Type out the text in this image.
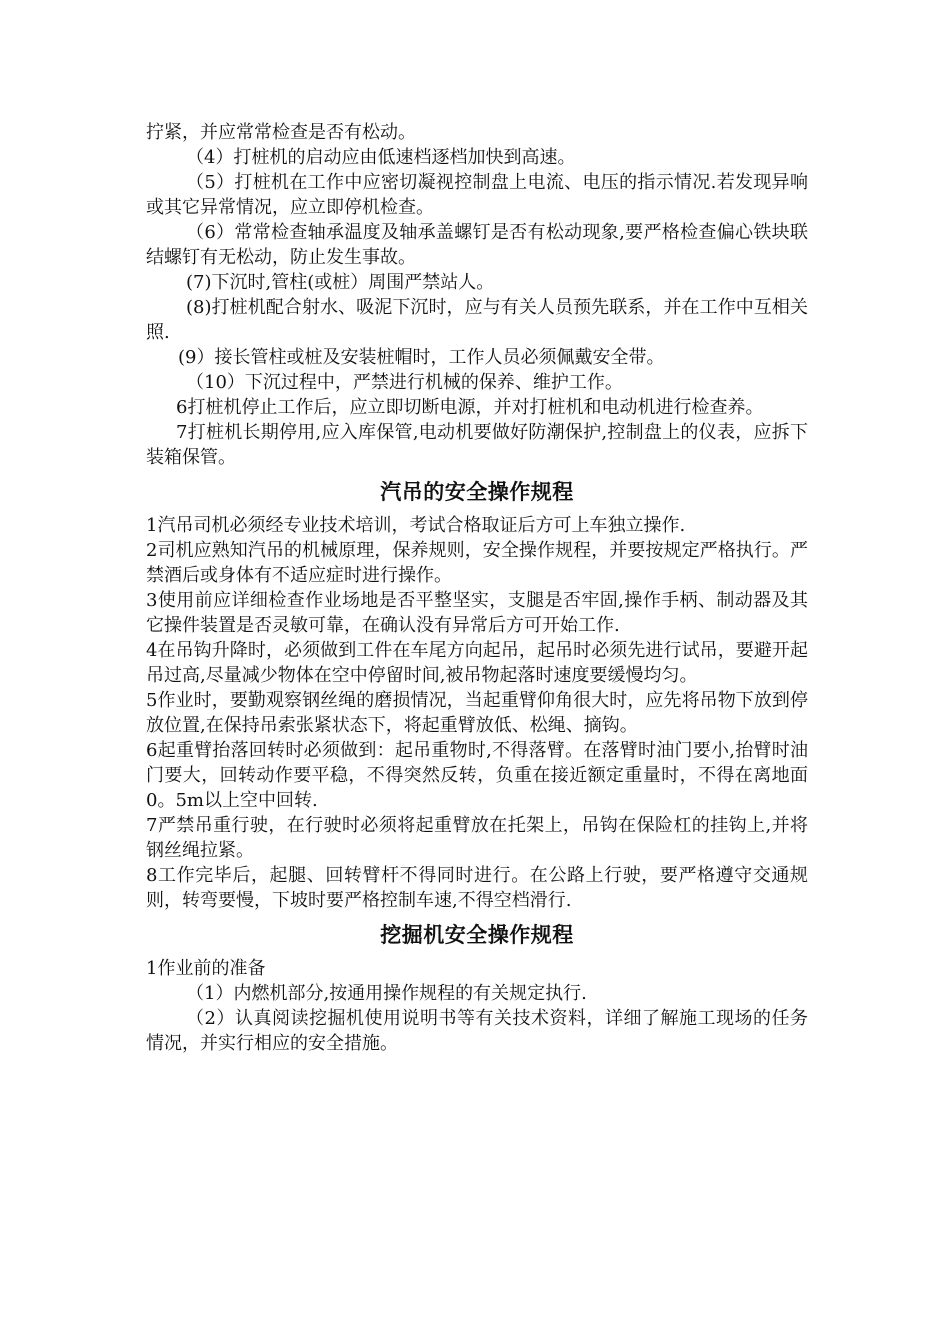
拧紧，并应常常检查是否有松动。

（4）打桩机的启动应由低速档逐档加快到高速。

（5）打桩机在工作中应密切凝视控制盘上电流、电压的指示情况.若发现异响或其它异常情况，应立即停机检查。

（6）常常检查轴承温度及轴承盖螺钉是否有松动现象,要严格检查偏心铁块联结螺钉有无松动，防止发生事故。

(7)下沉时,管柱(或桩）周围严禁站人。

(8)打桩机配合射水、吸泥下沉时，应与有关人员预先联系，并在工作中互相关照.

(9）接长管柱或桩及安装桩帽时，工作人员必须佩戴安全带。

（10）下沉过程中，严禁进行机械的保养、维护工作。

6打桩机停止工作后，应立即切断电源，并对打桩机和电动机进行检查养。

7打桩机长期停用,应入库保管,电动机要做好防潮保护,控制盘上的仪表，应拆下装箱保管。

汽吊的安全操作规程

1汽吊司机必须经专业技术培训，考试合格取证后方可上车独立操作.

2司机应熟知汽吊的机械原理，保养规则，安全操作规程，并要按规定严格执行。严禁酒后或身体有不适应症时进行操作。

3使用前应详细检查作业场地是否平整坚实，支腿是否牢固,操作手柄、制动器及其它操件装置是否灵敏可靠，在确认没有异常后方可开始工作.

4在吊钩升降时，必须做到工件在车尾方向起吊，起吊时必须先进行试吊，要避开起吊过高,尽量减少物体在空中停留时间,被吊物起落时速度要缓慢均匀。

5作业时，要勤观察钢丝绳的磨损情况，当起重臂仰角很大时，应先将吊物下放到停放位置,在保持吊索张紧状态下，将起重臂放低、松绳、摘钩。

6起重臂抬落回转时必须做到：起吊重物时,不得落臂。在落臂时油门要小,抬臂时油门要大，回转动作要平稳，不得突然反转，负重在接近额定重量时，不得在离地面0。5m以上空中回转.

7严禁吊重行驶，在行驶时必须将起重臂放在托架上，吊钩在保险杠的挂钩上,并将钢丝绳拉紧。

8工作完毕后，起腿、回转臂杆不得同时进行。在公路上行驶，要严格遵守交通规则，转弯要慢，下坡时要严格控制车速,不得空档滑行.

挖掘机安全操作规程

1作业前的准备

（1）内燃机部分,按通用操作规程的有关规定执行.

（2）认真阅读挖掘机使用说明书等有关技术资料，详细了解施工现场的任务情况，并实行相应的安全措施。
